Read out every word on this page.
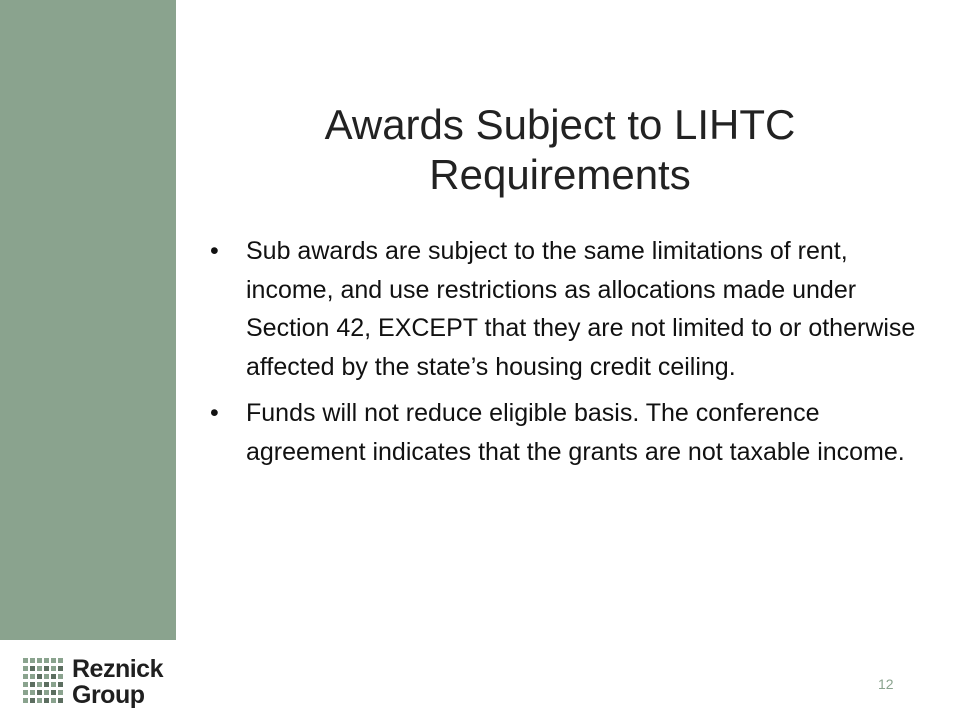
Awards Subject to LIHTC
Requirements
• Sub awards are subject to the same limitations of rent, income, and use restrictions as allocations made under Section 42, EXCEPT that they are not limited to or otherwise affected by the state’s housing credit ceiling.
• Funds will not reduce eligible basis. The conference agreement indicates that the grants are not taxable income.
Reznick
Group	12
